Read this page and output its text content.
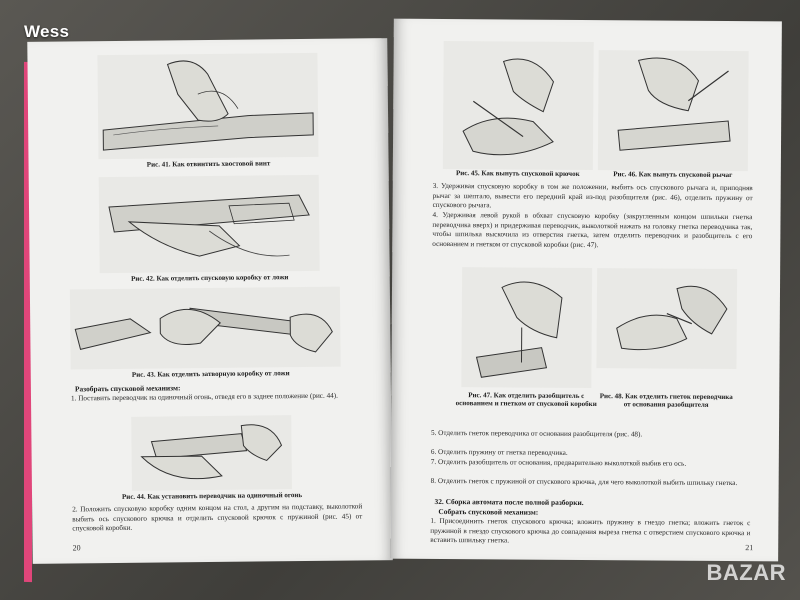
Рис. 41. Как отвинтить хвостовой винт
Рис. 42. Как отделить спусковую коробку от ложи
Рис. 43. Как отделить затворную коробку от ложи
Разобрать спусковой механизм:
1. Поставить переводчик на одиночный огонь, отведя его в заднее положение (рис. 44).
Рис. 44. Как установить переводчик на одиночный огонь
2. Положить спусковую коробку одним концом на стол, а другим на подставку, выколоткой выбить ось спускового крючка и отделить спусковой крючок с пружиной (рис. 45) от спусковой коробки.
20
Рис. 45. Как вынуть спусковой крючок	Рис. 46. Как вынуть спусковой рычаг
3. Удерживая спусковую коробку в том же положении, выбить ось спускового рычага и, приподняв рычаг за шептало, вывести его передний край из-под разобщителя (рис. 46), отделить пружину от спускового рычага.
4. Удерживая левой рукой в обхват спусковую коробку (закругленным концом шпильки гнетка переводчика вверх) и придерживая переводчик, выколоткой нажать на головку гнетка переводчика так, чтобы шпилька выскочила из отверстия гнетка, затем отделить переводчик и разобщитель с его основанием и гнетком от спусковой коробки (рис. 47).
Рис. 47. Как отделить разобщитель с основанием и гнетком от спусковой коробки
Рис. 48. Как отделить гнеток переводчика от основания разобщителя
5. Отделить гнеток переводчика от основания разобщителя (рис. 48).
6. Отделить пружину от гнетка переводчика.
7. Отделить разобщитель от основания, предварительно выколоткой выбив его ось.
8. Отделить гнеток с пружиной от спускового крючка, для чего выколоткой выбить шпильку гнетка.
32. Сборка автомата после полной разборки.
Собрать спусковой механизм:
1. Присоединить гнеток спускового крючка; вложить пружину в гнездо гнетка; вложить гнеток с пружиной в гнездо спускового крючка до совпадения выреза гнетка с отверстием спускового крючка и вставить шпильку гнетка.
21
Wess
BAZAR
